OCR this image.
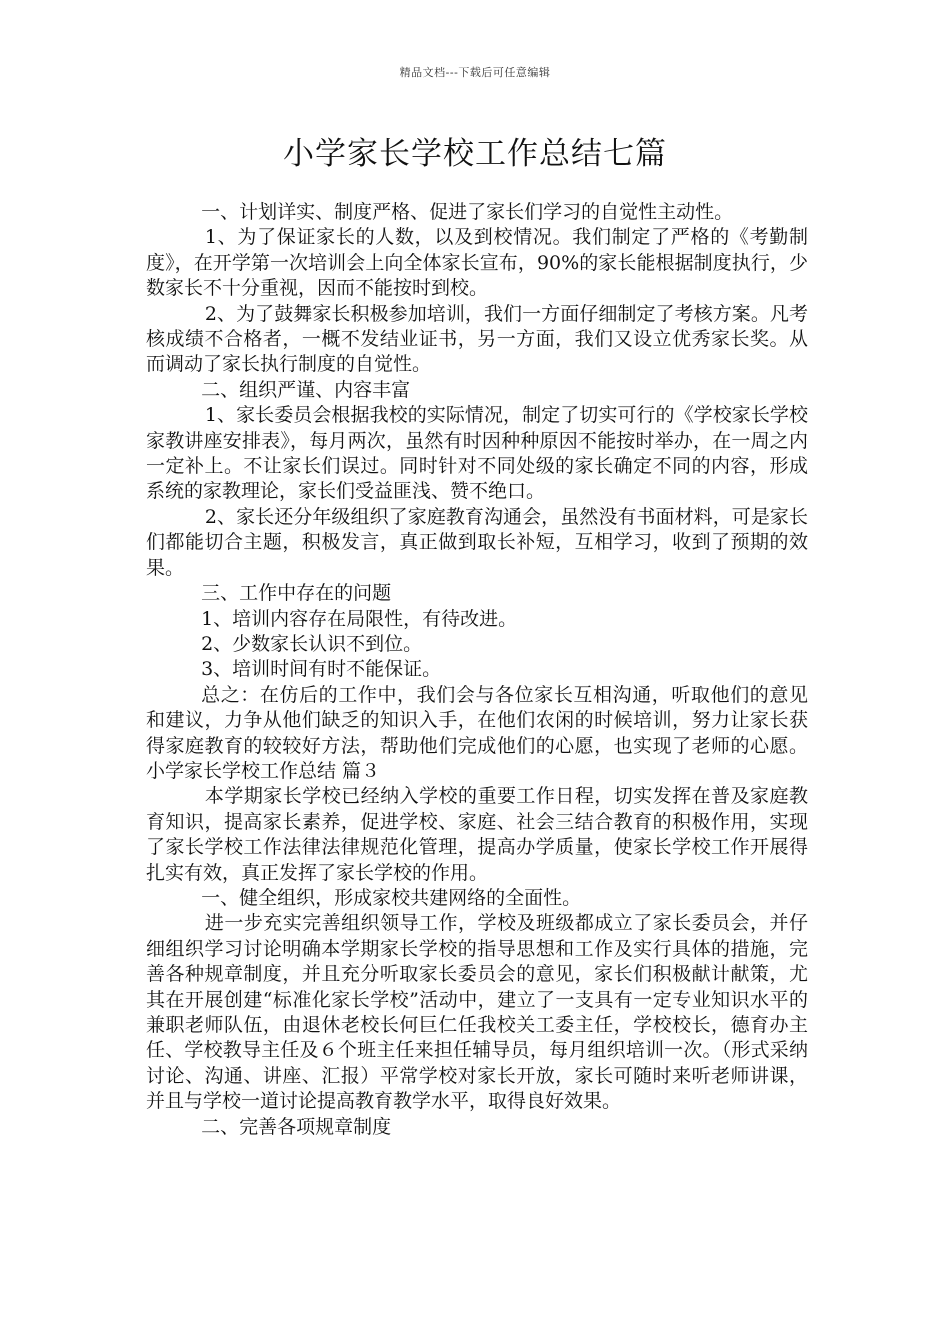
精品文档---下载后可任意编辑
小学家长学校工作总结七篇

一、计划详实、制度严格、促进了家长们学习的自觉性主动性。

1、为了保证家长的人数，以及到校情况。我们制定了严格的《考勤制度》，在开学第一次培训会上向全体家长宣布，90%的家长能根据制度执行，少数家长不十分重视，因而不能按时到校。

2、为了鼓舞家长积极参加培训，我们一方面仔细制定了考核方案。凡考核成绩不合格者，一概不发结业证书，另一方面，我们又设立优秀家长奖。从而调动了家长执行制度的自觉性。

二、组织严谨、内容丰富

1、家长委员会根据我校的实际情况，制定了切实可行的《学校家长学校家教讲座安排表》，每月两次，虽然有时因种种原因不能按时举办，在一周之内一定补上。不让家长们误过。同时针对不同处级的家长确定不同的内容，形成系统的家教理论，家长们受益匪浅、赞不绝口。

2、家长还分年级组织了家庭教育沟通会，虽然没有书面材料，可是家长们都能切合主题，积极发言，真正做到取长补短，互相学习，收到了预期的效果。

三、工作中存在的问题

1、培训内容存在局限性，有待改进。

2、少数家长认识不到位。

3、培训时间有时不能保证。

总之：在仿后的工作中，我们会与各位家长互相沟通，听取他们的意见和建议，力争从他们缺乏的知识入手，在他们农闲的时候培训，努力让家长获得家庭教育的较较好方法，帮助他们完成他们的心愿，也实现了老师的心愿。小学家长学校工作总结 篇３

本学期家长学校已经纳入学校的重要工作日程，切实发挥在普及家庭教育知识，提高家长素养，促进学校、家庭、社会三结合教育的积极作用，实现了家长学校工作法律法律规范化管理，提高办学质量，使家长学校工作开展得扎实有效，真正发挥了家长学校的作用。

一、健全组织，形成家校共建网络的全面性。

进一步充实完善组织领导工作，学校及班级都成立了家长委员会，并仔细组织学习讨论明确本学期家长学校的指导思想和工作及实行具体的措施，完善各种规章制度，并且充分听取家长委员会的意见，家长们积极献计献策，尤其在开展创建“标准化家长学校”活动中，建立了一支具有一定专业知识水平的兼职老师队伍，由退休老校长何巨仁任我校关工委主任，学校校长，德育办主任、学校教导主任及６个班主任来担任辅导员，每月组织培训一次。（形式采纳讨论、沟通、讲座、汇报）平常学校对家长开放，家长可随时来听老师讲课，并且与学校一道讨论提高教育教学水平，取得良好效果。

二、完善各项规章制度
